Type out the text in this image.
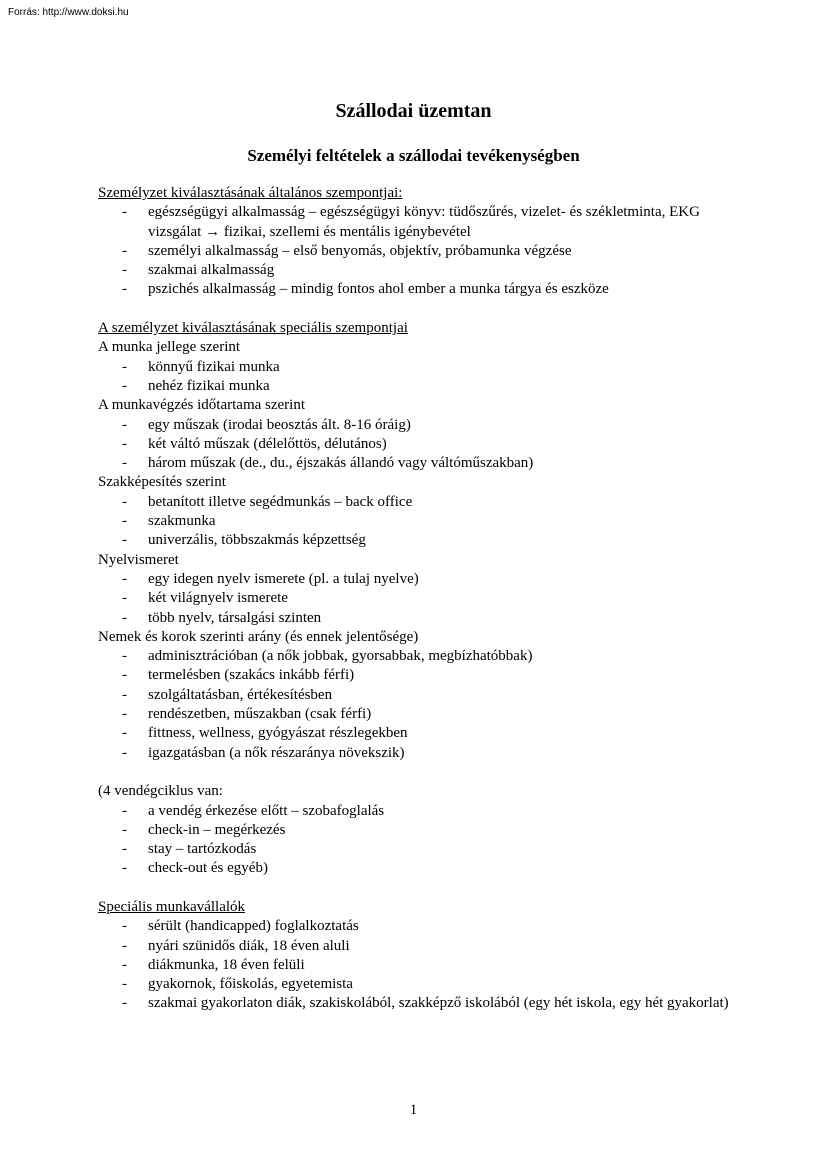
Forrás: http://www.doksi.hu
Szállodai üzemtan
Személyi feltételek a szállodai tevékenységben

Személyzet kiválasztásának általános szempontjai:

- egészségügyi alkalmasság – egészségügyi könyv: tüdőszűrés, vizelet- és székletminta, EKG vizsgálat → fizikai, szellemi és mentális igénybevétel
- személyi alkalmasság – első benyomás, objektív, próbamunka végzése
- szakmai alkalmasság
- pszichés alkalmasság – mindig fontos ahol ember a munka tárgya és eszköze

A személyzet kiválasztásának speciális szempontjai

A munka jellege szerint

- könnyű fizikai munka
- nehéz fizikai munka

A munkavégzés időtartama szerint

- egy műszak (irodai beosztás ált. 8-16 óráig)
- két váltó műszak (délelőttös, délutános)
- három műszak (de., du., éjszakás állandó vagy váltóműszakban)

Szakképesítés szerint

- betanított illetve segédmunkás – back office
- szakmunka
- univerzális, többszakmás képzettség

Nyelvismeret

- egy idegen nyelv ismerete (pl. a tulaj nyelve)
- két világnyelv ismerete
- több nyelv, társalgási szinten

Nemek és korok szerinti arány (és ennek jelentősége)

- adminisztrációban (a nők jobbak, gyorsabbak, megbízhatóbbak)
- termelésben (szakács inkább férfi)
- szolgáltatásban, értékesítésben
- rendészetben, műszakban (csak férfi)
- fittness, wellness, gyógyászat részlegekben
- igazgatásban (a nők részaránya növekszik)

(4 vendégciklus van:

- a vendég érkezése előtt – szobafoglalás
- check-in – megérkezés
- stay – tartózkodás
- check-out és egyéb)

Speciális munkavállalók

- sérült (handicapped) foglalkoztatás
- nyári szünidős diák, 18 éven aluli
- diákmunka, 18 éven felüli
- gyakornok, főiskolás, egyetemista
- szakmai gyakorlaton diák, szakiskolából, szakképző iskolából (egy hét iskola, egy hét gyakorlat)
1
